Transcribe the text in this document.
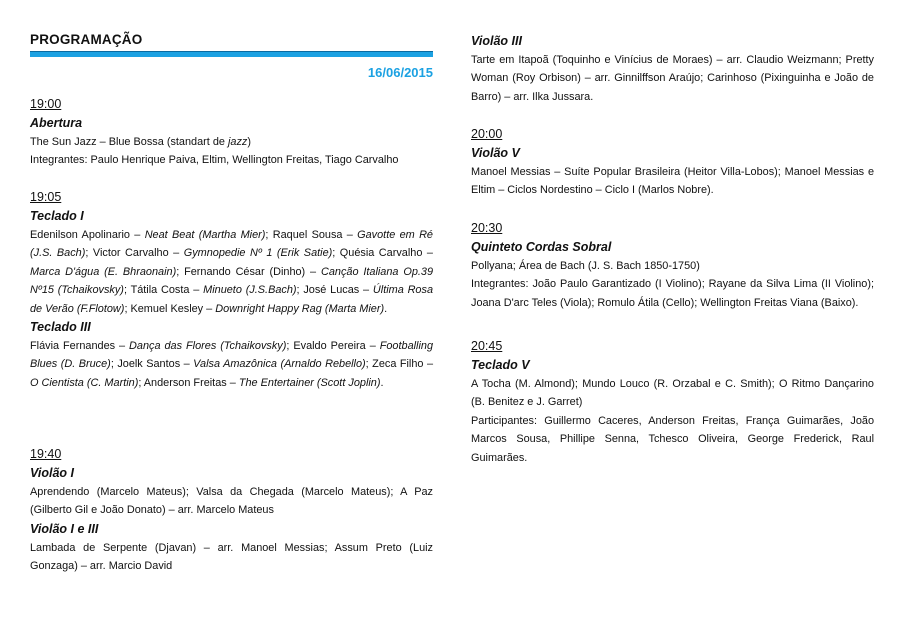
PROGRAMAÇÃO
16/06/2015

19:00

Abertura

The Sun Jazz – Blue Bossa (standart de jazz)

Integrantes: Paulo Henrique Paiva, Eltim, Wellington Freitas, Tiago Carvalho

19:05

Teclado I

Edenilson Apolinario – Neat Beat (Martha Mier); Raquel Sousa – Gavotte em Ré (J.S. Bach); Victor Carvalho – Gymnopedie Nº 1 (Erik Satie); Quésia Carvalho – Marca D'água (E. Bhraonain); Fernando César (Dinho) – Canção Italiana Op.39 Nº15 (Tchaikovsky); Tátila Costa – Minueto (J.S.Bach); José Lucas – Última Rosa de Verão (F.Flotow); Kemuel Kesley – Downright Happy Rag (Marta Mier).

Teclado III

Flávia Fernandes – Dança das Flores (Tchaikovsky); Evaldo Pereira – Footballing Blues (D. Bruce); Joelk Santos – Valsa Amazônica (Arnaldo Rebello); Zeca Filho – O Cientista (C. Martin); Anderson Freitas – The Entertainer (Scott Joplin).

19:40

Violão I

Aprendendo (Marcelo Mateus); Valsa da Chegada (Marcelo Mateus); A Paz (Gilberto Gil e João Donato) – arr. Marcelo Mateus

Violão I e III

Lambada de Serpente (Djavan) – arr. Manoel Messias; Assum Preto (Luiz Gonzaga) – arr. Marcio David

Violão III

Tarte em Itapoã (Toquinho e Vinícius de Moraes) – arr. Claudio Weizmann; Pretty Woman (Roy Orbison) – arr. Ginnilffson Araújo; Carinhoso (Pixinguinha e João de Barro) – arr. Ilka Jussara.

20:00

Violão V

Manoel Messias – Suíte Popular Brasileira (Heitor Villa-Lobos); Manoel Messias e Eltim – Ciclos Nordestino – Ciclo I (Marlos Nobre).

20:30

Quinteto Cordas Sobral

Pollyana; Área de Bach (J. S. Bach 1850-1750)

Integrantes: João Paulo Garantizado (I Violino); Rayane da Silva Lima (II Violino); Joana D'arc Teles (Viola); Romulo Átila (Cello); Wellington Freitas Viana (Baixo).

20:45

Teclado V

A Tocha (M. Almond); Mundo Louco (R. Orzabal e C. Smith); O Ritmo Dançarino (B. Benitez e J. Garret)

Participantes: Guillermo Caceres, Anderson Freitas, França Guimarães, João Marcos Sousa, Phillipe Senna, Tchesco Oliveira, George Frederick, Raul Guimarães.
